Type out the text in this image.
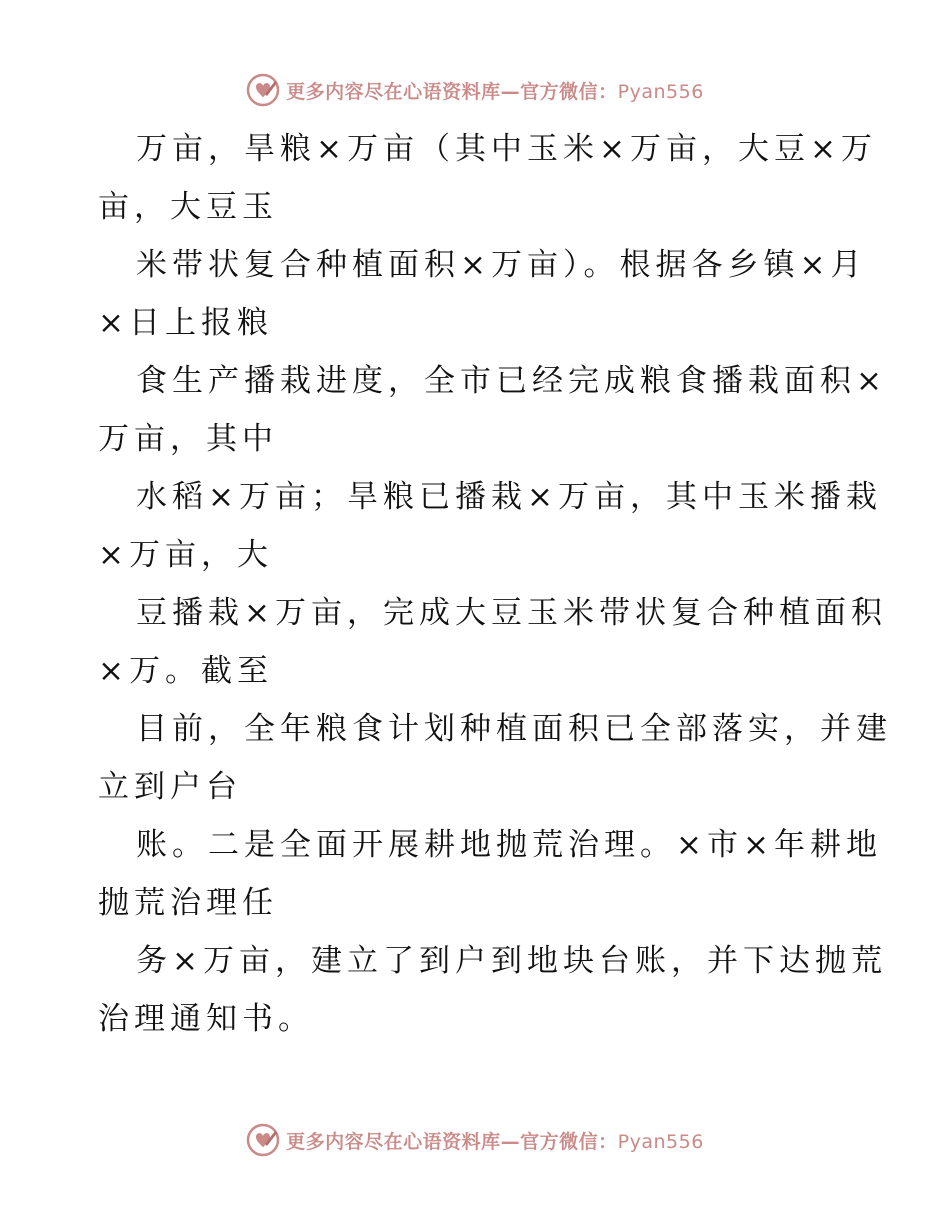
更多内容尽在心语资料库—官方微信：Pyan556
万亩，旱粮×万亩（其中玉米×万亩，大豆×万
亩，大豆玉
米带状复合种植面积×万亩）。根据各乡镇×月
×日上报粮
食生产播栽进度，全市已经完成粮食播栽面积×
万亩，其中
水稻×万亩；旱粮已播栽×万亩，其中玉米播栽
×万亩，大
豆播栽×万亩，完成大豆玉米带状复合种植面积
×万。截至
目前，全年粮食计划种植面积已全部落实，并建
立到户台
账。二是全面开展耕地抛荒治理。×市×年耕地
抛荒治理任
务×万亩，建立了到户到地块台账，并下达抛荒
治理通知书。
更多内容尽在心语资料库—官方微信：Pyan556
